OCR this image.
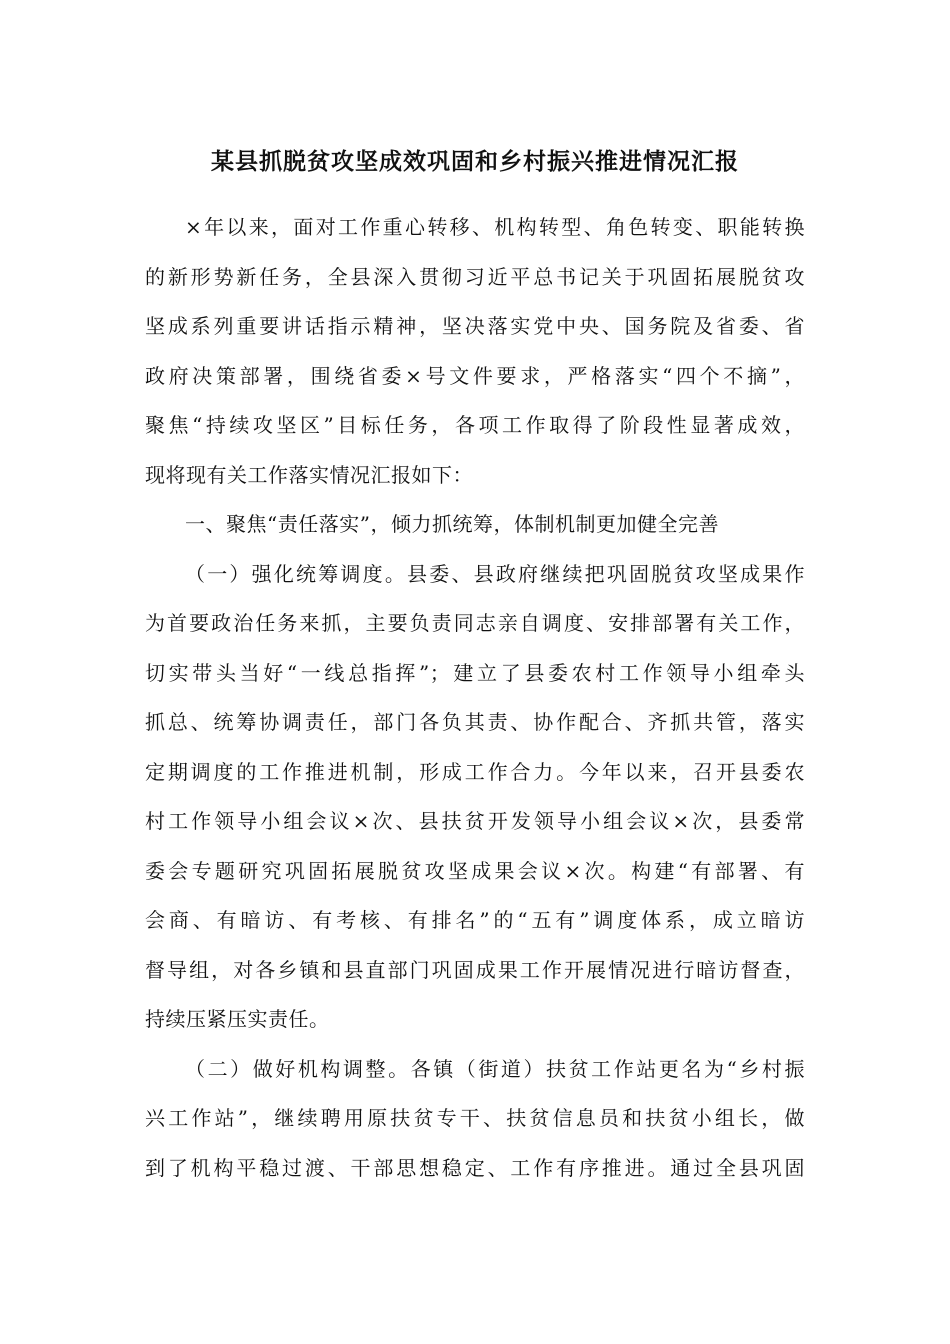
某县抓脱贫攻坚成效巩固和乡村振兴推进情况汇报
×年以来，面对工作重心转移、机构转型、角色转变、职能转换
的新形势新任务，全县深入贯彻习近平总书记关于巩固拓展脱贫攻
坚成系列重要讲话指示精神，坚决落实党中央、国务院及省委、省
政府决策部署，围绕省委×号文件要求，严格落实“四个不摘”，
聚焦“持续攻坚区”目标任务，各项工作取得了阶段性显著成效，
现将现有关工作落实情况汇报如下：
一、聚焦“责任落实”，倾力抓统筹，体制机制更加健全完善
（一）强化统筹调度。县委、县政府继续把巩固脱贫攻坚成果作
为首要政治任务来抓，主要负责同志亲自调度、安排部署有关工作，
切实带头当好“一线总指挥”；建立了县委农村工作领导小组牵头
抓总、统筹协调责任，部门各负其责、协作配合、齐抓共管，落实
定期调度的工作推进机制，形成工作合力。今年以来，召开县委农
村工作领导小组会议×次、县扶贫开发领导小组会议×次，县委常
委会专题研究巩固拓展脱贫攻坚成果会议×次。构建“有部署、有
会商、有暗访、有考核、有排名”的“五有”调度体系，成立暗访
督导组，对各乡镇和县直部门巩固成果工作开展情况进行暗访督查，
持续压紧压实责任。
（二）做好机构调整。各镇（街道）扶贫工作站更名为“乡村振
兴工作站”，继续聘用原扶贫专干、扶贫信息员和扶贫小组长，做
到了机构平稳过渡、干部思想稳定、工作有序推进。通过全县巩固
